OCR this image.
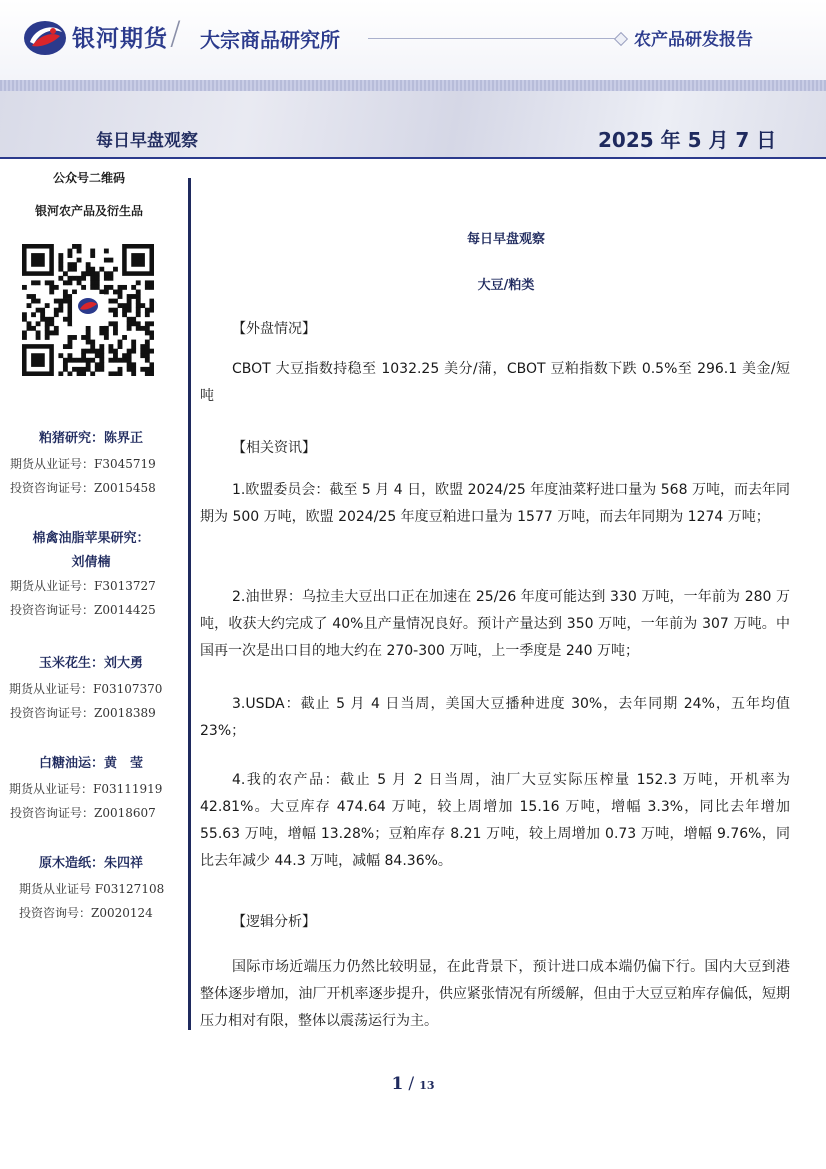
银河期货 / 大宗商品研究所	农产品研发报告
每日早盘观察	2025 年 5 月 7 日
公众号二维码
银河农产品及衍生品
粕猪研究：陈界正
期货从业证号：F3045719
投资咨询证号：Z0015458
棉禽油脂苹果研究：
刘倩楠
期货从业证号：F3013727
投资咨询证号：Z0014425
玉米花生：刘大勇
期货从业证号：F03107370
投资咨询证号：Z0018389
白糖油运：黄　莹
期货从业证号：F03111919
投资咨询证号：Z0018607
原木造纸：朱四祥
期货从业证号 F03127108
投资咨询号：Z0020124
每日早盘观察
大豆/粕类
【外盘情况】

CBOT 大豆指数持稳至 1032.25 美分/蒲，CBOT 豆粕指数下跌 0.5%至 296.1 美金/短吨

【相关资讯】

1.欧盟委员会：截至 5 月 4 日，欧盟 2024/25 年度油菜籽进口量为 568 万吨，而去年同期为 500 万吨，欧盟 2024/25 年度豆粕进口量为 1577 万吨，而去年同期为 1274 万吨；

2.油世界：乌拉圭大豆出口正在加速在 25/26 年度可能达到 330 万吨，一年前为 280 万吨，收获大约完成了 40%且产量情况良好。预计产量达到 350 万吨，一年前为 307 万吨。中国再一次是出口目的地大约在 270-300 万吨，上一季度是 240 万吨；

3.USDA：截止 5 月 4 日当周，美国大豆播种进度 30%，去年同期 24%，五年均值 23%；

4.我的农产品：截止 5 月 2 日当周，油厂大豆实际压榨量 152.3 万吨，开机率为 42.81%。大豆库存 474.64 万吨，较上周增加 15.16 万吨，增幅 3.3%，同比去年增加 55.63 万吨，增幅 13.28%；豆粕库存 8.21 万吨，较上周增加 0.73 万吨，增幅 9.76%，同比去年减少 44.3 万吨，减幅 84.36%。

【逻辑分析】

国际市场近端压力仍然比较明显，在此背景下，预计进口成本端仍偏下行。国内大豆到港整体逐步增加，油厂开机率逐步提升，供应紧张情况有所缓解，但由于大豆豆粕库存偏低，短期压力相对有限，整体以震荡运行为主。

1 / 13
